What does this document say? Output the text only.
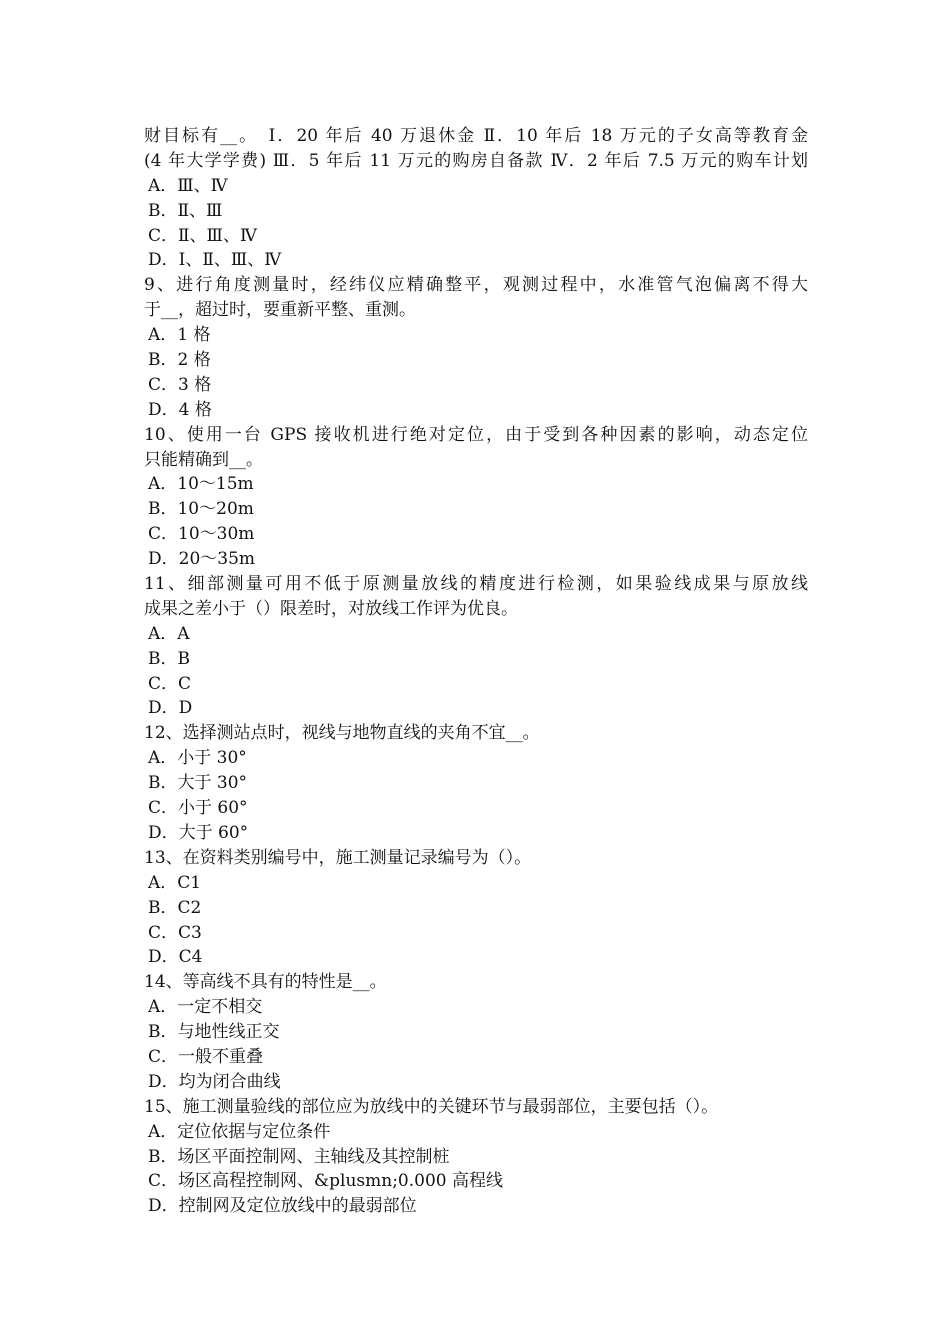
财目标有__。　Ⅰ．20 年后 40 万退休金 Ⅱ．10 年后 18 万元的子女高等教育金
(4 年大学学费) Ⅲ．5 年后 11 万元的购房自备款 Ⅳ．2 年后 7.5 万元的购车计划
A．Ⅲ、Ⅳ
B．Ⅱ、Ⅲ
C．Ⅱ、Ⅲ、Ⅳ
D．Ⅰ、Ⅱ、Ⅲ、Ⅳ
9、进行角度测量时，经纬仪应精确整平，观测过程中，水准管气泡偏离不得大
于__，超过时，要重新平整、重测。
A．1 格
B．2 格
C．3 格
D．4 格
10、使用一台 GPS 接收机进行绝对定位，由于受到各种因素的影响，动态定位
只能精确到__。
A．10～15m
B．10～20m
C．10～30m
D．20～35m
11、细部测量可用不低于原测量放线的精度进行检测，如果验线成果与原放线
成果之差小于（）限差时，对放线工作评为优良。
A．A
B．B
C．C
D．D
12、选择测站点时，视线与地物直线的夹角不宜__。
A．小于 30°
B．大于 30°
C．小于 60°
D．大于 60°
13、在资料类别编号中，施工测量记录编号为（）。
A．C1
B．C2
C．C3
D．C4
14、等高线不具有的特性是__。
A．一定不相交
B．与地性线正交
C．一般不重叠
D．均为闭合曲线
15、施工测量验线的部位应为放线中的关键环节与最弱部位，主要包括（）。
A．定位依据与定位条件
B．场区平面控制网、主轴线及其控制桩
C．场区高程控制网、&plusmn;0.000 高程线
D．控制网及定位放线中的最弱部位
